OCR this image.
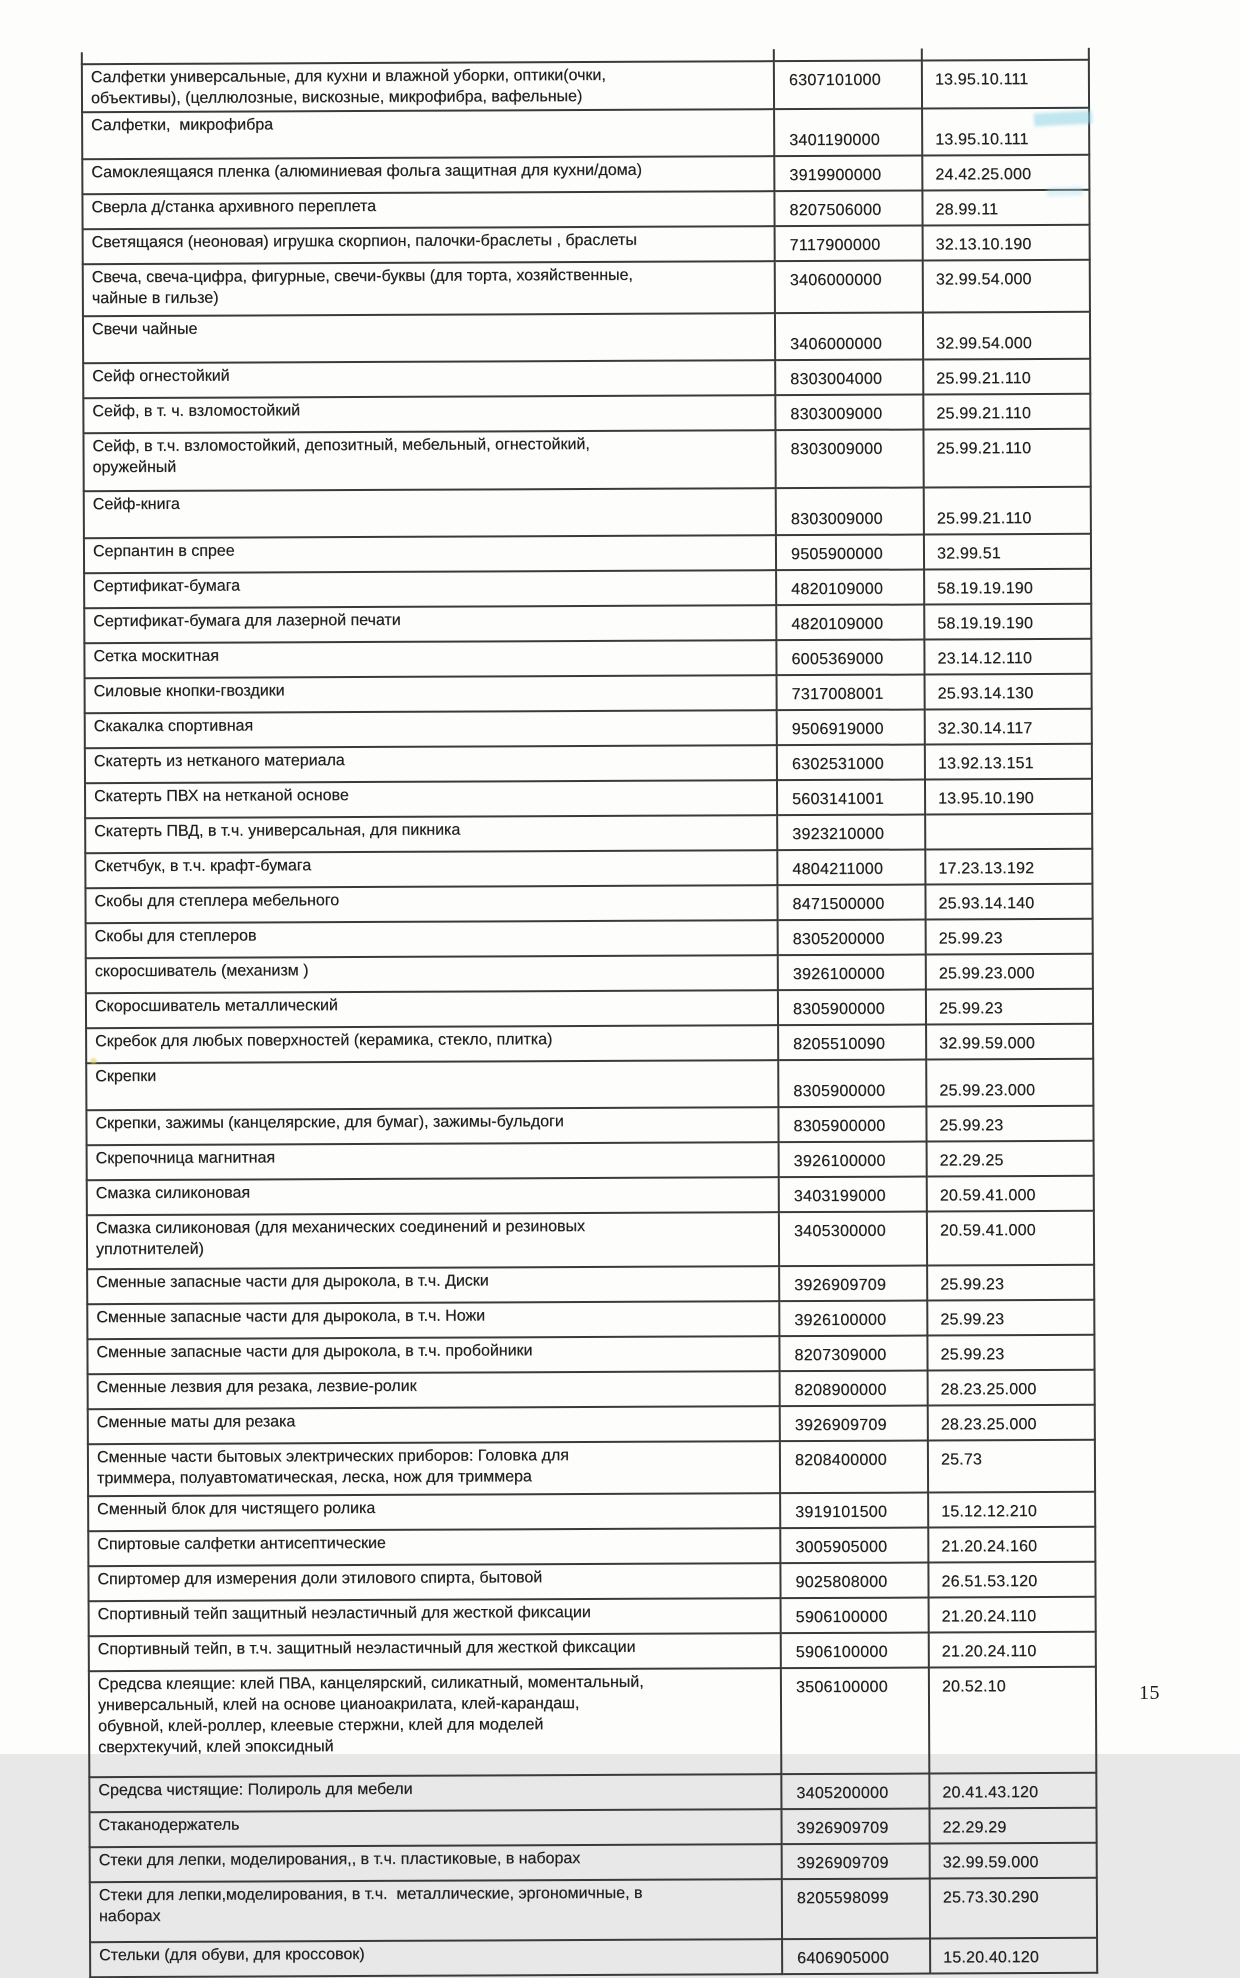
Салфетки универсальные, для кухни и влажной уборки, оптики(очки,
объективы), (целлюлозные, вискозные, микрофибра, вафельные)	6307101000	13.95.10.111
Салфетки,  микрофибра	3401190000	13.95.10.111
Самоклеящаяся пленка (алюминиевая фольга защитная для кухни/дома)	3919900000	24.42.25.000
Сверла д/станка архивного переплета	8207506000	28.99.11
Светящаяся (неоновая) игрушка скорпион, палочки-браслеты , браслеты	7117900000	32.13.10.190
Свеча, свеча-цифра, фигурные, свечи-буквы (для торта, хозяйственные,
чайные в гильзе)	3406000000	32.99.54.000
Свечи чайные	3406000000	32.99.54.000
Сейф огнестойкий	8303004000	25.99.21.110
Сейф, в т. ч. взломостойкий	8303009000	25.99.21.110
Сейф, в т.ч. взломостойкий, депозитный, мебельный, огнестойкий,
оружейный	8303009000	25.99.21.110
Сейф-книга	8303009000	25.99.21.110
Серпантин в спрее	9505900000	32.99.51
Сертификат-бумага	4820109000	58.19.19.190
Сертификат-бумага для лазерной печати	4820109000	58.19.19.190
Сетка москитная	6005369000	23.14.12.110
Силовые кнопки-гвоздики	7317008001	25.93.14.130
Скакалка спортивная	9506919000	32.30.14.117
Скатерть из нетканого материала	6302531000	13.92.13.151
Скатерть ПВХ на нетканой основе	5603141001	13.95.10.190
Скатерть ПВД, в т.ч. универсальная, для пикника	3923210000	
Скетчбук, в т.ч. крафт-бумага	4804211000	17.23.13.192
Скобы для степлера мебельного	8471500000	25.93.14.140
Скобы для степлеров	8305200000	25.99.23
скоросшиватель (механизм )	3926100000	25.99.23.000
Скоросшиватель металлический	8305900000	25.99.23
Скребок для любых поверхностей (керамика, стекло, плитка)	8205510090	32.99.59.000
Скрепки	8305900000	25.99.23.000
Скрепки, зажимы (канцелярские, для бумаг), зажимы-бульдоги	8305900000	25.99.23
Скрепочница магнитная	3926100000	22.29.25
Смазка силиконовая	3403199000	20.59.41.000
Смазка силиконовая (для механических соединений и резиновых
уплотнителей)	3405300000	20.59.41.000
Сменные запасные части для дырокола, в т.ч. Диски	3926909709	25.99.23
Сменные запасные части для дырокола, в т.ч. Ножи	3926100000	25.99.23
Сменные запасные части для дырокола, в т.ч. пробойники	8207309000	25.99.23
Сменные лезвия для резака, лезвие-ролик	8208900000	28.23.25.000
Сменные маты для резака	3926909709	28.23.25.000
Сменные части бытовых электрических приборов: Головка для
триммера, полуавтоматическая, леска, нож для триммера	8208400000	25.73
Сменный блок для чистящего ролика	3919101500	15.12.12.210
Спиртовые салфетки антисептические	3005905000	21.20.24.160
Спиртомер для измерения доли этилового спирта, бытовой	9025808000	26.51.53.120
Спортивный тейп защитный неэластичный для жесткой фиксации	5906100000	21.20.24.110
Спортивный тейп, в т.ч. защитный неэластичный для жесткой фиксации	5906100000	21.20.24.110
Средсва клеящие: клей ПВА, канцелярский, силикатный, моментальный,
универсальный, клей на основе цианоакрилата, клей-карандаш,
обувной, клей-роллер, клеевые стержни, клей для моделей
сверхтекучий, клей эпоксидный	3506100000	20.52.10
Средсва чистящие: Полироль для мебели	3405200000	20.41.43.120
Стаканодержатель	3926909709	22.29.29
Стеки для лепки, моделирования,, в т.ч. пластиковые, в наборах	3926909709	32.99.59.000
Стеки для лепки,моделирования, в т.ч.  металлические, эргономичные, в
наборах	8205598099	25.73.30.290
Стельки (для обуви, для кроссовок)	6406905000	15.20.40.120
15
